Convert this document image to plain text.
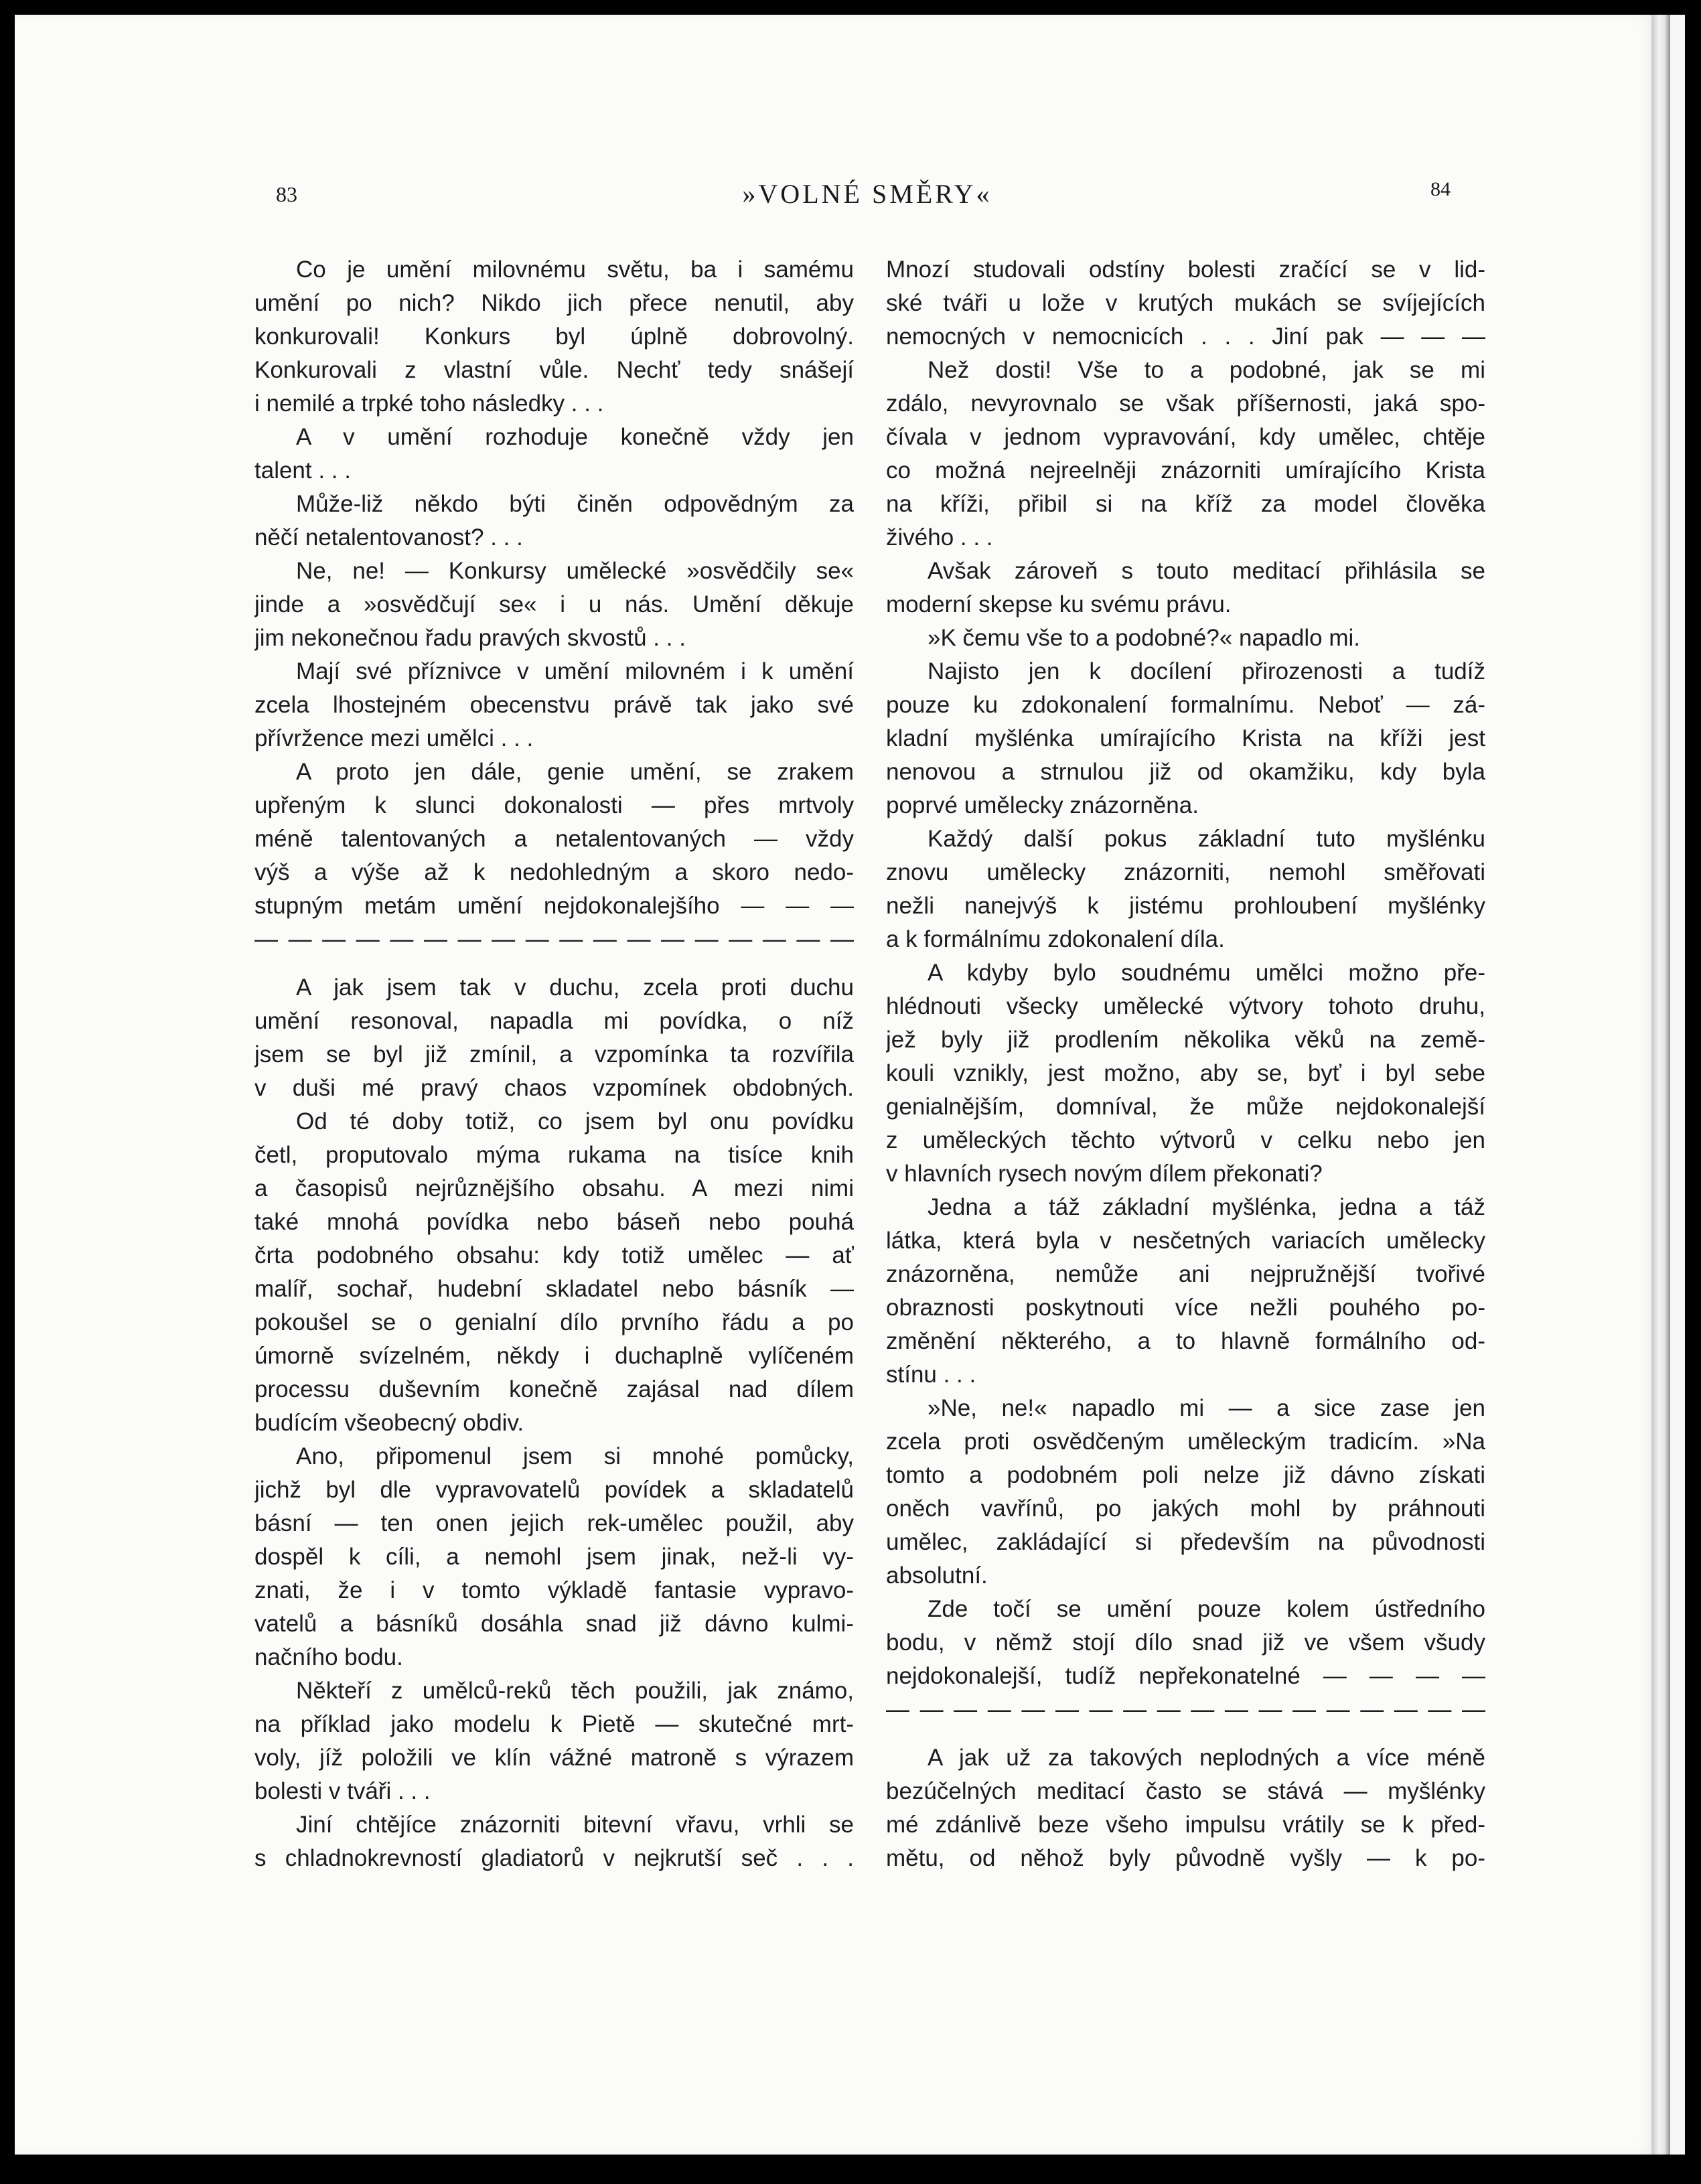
83	»VOLNÉ SMĚRY«	84
Co je umění milovnému světu, ba i samému
umění po nich? Nikdo jich přece nenutil, aby
konkurovali! Konkurs byl úplně dobrovolný.
Konkurovali z vlastní vůle. Nechť tedy snášejí
i nemilé a trpké toho následky . . .
A v umění rozhoduje konečně vždy jen
talent . . .
Může-liž někdo býti činěn odpovědným za
něčí netalentovanost? . . .
Ne, ne! — Konkursy umělecké »osvědčily se«
jinde a »osvědčují se« i u nás. Umění děkuje
jim nekonečnou řadu pravých skvostů . . .
Mají své příznivce v umění milovném i k umění
zcela lhostejném obecenstvu právě tak jako své
přívržence mezi umělci . . .
A proto jen dále, genie umění, se zrakem
upřeným k slunci dokonalosti — přes mrtvoly
méně talentovaných a netalentovaných — vždy
výš a výše až k nedohledným a skoro nedo-
stupným metám umění nejdokonalejšího — — —
— — — — — — — — — — — — — — — — — —
A jak jsem tak v duchu, zcela proti duchu
umění resonoval, napadla mi povídka, o níž
jsem se byl již zmínil, a vzpomínka ta rozvířila
v duši mé pravý chaos vzpomínek obdobných.
Od té doby totiž, co jsem byl onu povídku
četl, proputovalo mýma rukama na tisíce knih
a časopisů nejrůznějšího obsahu. A mezi nimi
také mnohá povídka nebo báseň nebo pouhá
črta podobného obsahu: kdy totiž umělec — ať
malíř, sochař, hudební skladatel nebo básník —
pokoušel se o genialní dílo prvního řádu a po
úmorně svízelném, někdy i duchaplně vylíčeném
processu duševním konečně zajásal nad dílem
budícím všeobecný obdiv.
Ano, připomenul jsem si mnohé pomůcky,
jichž byl dle vypravovatelů povídek a skladatelů
básní — ten onen jejich rek-umělec použil, aby
dospěl k cíli, a nemohl jsem jinak, než-li vy-
znati, že i v tomto výkladě fantasie vypravo-
vatelů a básníků dosáhla snad již dávno kulmi-
načního bodu.
Někteří z umělců-reků těch použili, jak známo,
na příklad jako modelu k Pietě — skutečné mrt-
voly, jíž položili ve klín vážné matroně s výrazem
bolesti v tváři . . .
Jiní chtějíce znázorniti bitevní vřavu, vrhli se
s chladnokrevností gladiatorů v nejkrutší seč . . .
Mnozí studovali odstíny bolesti zračící se v lid-
ské tváři u lože v krutých mukách se svíjejících
nemocných v nemocnicích . . . Jiní pak — — —
Než dosti! Vše to a podobné, jak se mi
zdálo, nevyrovnalo se však příšernosti, jaká spo-
čívala v jednom vypravování, kdy umělec, chtěje
co možná nejreelněji znázorniti umírajícího Krista
na kříži, přibil si na kříž za model člověka
živého . . .
Avšak zároveň s touto meditací přihlásila se
moderní skepse ku svému právu.
»K čemu vše to a podobné?« napadlo mi.
Najisto jen k docílení přirozenosti a tudíž
pouze ku zdokonalení formalnímu. Neboť — zá-
kladní myšlénka umírajícího Krista na kříži jest
nenovou a strnulou již od okamžiku, kdy byla
poprvé umělecky znázorněna.
Každý další pokus základní tuto myšlénku
znovu umělecky znázorniti, nemohl směřovati
nežli nanejvýš k jistému prohloubení myšlénky
a k formálnímu zdokonalení díla.
A kdyby bylo soudnému umělci možno pře-
hlédnouti všecky umělecké výtvory tohoto druhu,
jež byly již prodlením několika věků na země-
kouli vznikly, jest možno, aby se, byť i byl sebe
genialnějším, domníval, že může nejdokonalejší
z uměleckých těchto výtvorů v celku nebo jen
v hlavních rysech novým dílem překonati?
Jedna a táž základní myšlénka, jedna a táž
látka, která byla v nesčetných variacích umělecky
znázorněna, nemůže ani nejpružnější tvořivé
obraznosti poskytnouti více nežli pouhého po-
změnění některého, a to hlavně formálního od-
stínu . . .
»Ne, ne!« napadlo mi — a sice zase jen
zcela proti osvědčeným uměleckým tradicím. »Na
tomto a podobném poli nelze již dávno získati
oněch vavřínů, po jakých mohl by práhnouti
umělec, zakládající si především na původnosti
absolutní.
Zde točí se umění pouze kolem ústředního
bodu, v němž stojí dílo snad již ve všem všudy
nejdokonalejší, tudíž nepřekonatelné — — — —
— — — — — — — — — — — — — — — — — —
A jak už za takových neplodných a více méně
bezúčelných meditací často se stává — myšlénky
mé zdánlivě beze všeho impulsu vrátily se k před-
mětu, od něhož byly původně vyšly — k po-
